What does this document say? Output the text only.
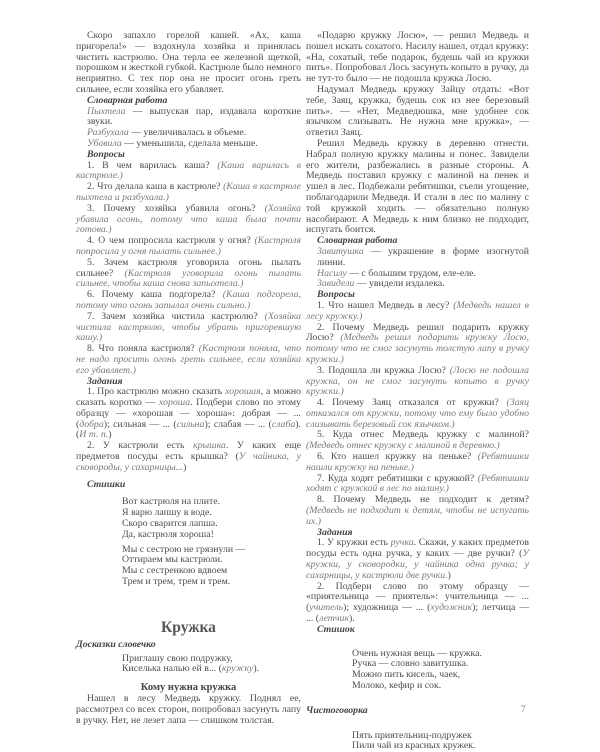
Скоро запахло горелой кашей. «Ах, каша пригорела!» — вздохнула хозяйка и принялась чистить кастрюлю. Она терла ее железной щеткой, порошком и жесткой губкой. Кастрюле было немного неприятно. С тех пор она не просит огонь греть сильнее, если хозяйка его убавляет.
Словарная работа
Пыхтела — выпуская пар, издавала короткие звуки.
Разбухала — увеличивалась в объеме.
Убавила — уменьшила, сделала меньше.
Вопросы
1. В чем варилась каша? (Каша варилась в кастрюле.)
2. Что делала каша в кастрюле? (Каша в кастрюле пыхтела и разбухала.)
3. Почему хозяйка убавила огонь? (Хозяйка убавила огонь, потому что каша была почти готова.)
4. О чем попросила кастрюля у огня? (Кастрюля попросила у огня пылать сильнее.)
5. Зачем кастрюля уговорила огонь пылать сильнее? (Кастрюля уговорила огонь пылать сильнее, чтобы каша снова запыхтела.)
6. Почему каша подгорела? (Каша подгорела, потому что огонь запылал очень сильно.)
7. Зачем хозяйка чистила кастрюлю? (Хозяйка чистила кастрюлю, чтобы убрать пригоревшую кашу.)
8. Что поняла кастрюля? (Кастрюля поняла, что не надо просить огонь греть сильнее, если хозяйка его убавляет.)
Задания
1. Про кастрюлю можно сказать хорошая, а можно сказать коротко — хороша. Подбери слово по этому образцу — «хорошая — хороша»: добрая — ... (добра); сильная — ... (сильна); слабая — ... (слаба). (И т. п.)
2. У кастрюли есть крышка. У каких еще предметов посуды есть крышка? (У чайника, у сковороды, у сахарницы...)
Стишки
Вот кастрюля на плите.
Я варю лапшу в воде.
Скоро сварится лапша.
Да, кастрюля хороша!
Мы с сестрою не грязнули —
Оттираем мы кастрюли.
Мы с сестренкою вдвоем
Трем и трем, трем и трем.
Кружка
Досказки словечко
Приглашу свою подружку,
Киселька налью ей в... (кружку).
Кому нужна кружка
Нашел в лесу Медведь кружку. Поднял ее, рассмотрел со всех сторон, попробовал засунуть лапу в ручку. Нет, не лезет лапа — слишком толстая.
«Подарю кружку Лосю», — решил Медведь и пошел искать сохатого. Насилу нашел, отдал кружку: «На, сохатый, тебе подарок, будешь чай из кружки пить». Попробовал Лось засунуть копыто в ручку, да не тут-то было — не подошла кружка Лосю.
Надумал Медведь кружку Зайцу отдать: «Вот тебе, Заяц, кружка, будешь сок из нее березовый пить». — «Нет, Медведюшка, мне удобнее сок язычком слизывать. Не нужна мне кружка», — ответил Заяц.
Решил Медведь кружку в деревню отнести. Набрал полную кружку малины и понес. Завидели его жители, разбежались в разные стороны. А Медведь поставил кружку с малиной на пенек и ушел в лес. Подбежали ребятишки, съели угощение, поблагодарили Медведя. И стали в лес по малину с той кружкой ходить — обязательно полную насобирают. А Медведь к ним близко не подходит, испугать боится.
Словарная работа
Завитушка — украшение в форме изогнутой линии.
Насилу — с большим трудом, еле-еле.
Завидели — увидели издалека.
Вопросы
1. Что нашел Медведь в лесу? (Медведь нашел в лесу кружку.)
2. Почему Медведь решил подарить кружку Лосю? (Медведь решил подарить кружку Лосю, потому что не смог засунуть толстую лапу в ручку кружки.)
3. Подошла ли кружка Лосю? (Лосю не подошла кружка, он не смог засунуть копыто в ручку кружки.)
4. Почему Заяц отказался от кружки? (Заяц отказался от кружки, потому что ему было удобно слизывать березовый сок язычком.)
5. Куда отнес Медведь кружку с малиной? (Медведь отнес кружку с малиной в деревню.)
6. Кто нашел кружку на пеньке? (Ребятишки нашли кружку на пеньке.)
7. Куда ходят ребятишки с кружкой? (Ребятишки ходят с кружкой в лес по малину.)
8. Почему Медведь не подходит к детям? (Медведь не подходит к детям, чтобы не испугать их.)
Задания
1. У кружки есть ручка. Скажи, у каких предметов посуды есть одна ручка, у каких — две ручки? (У кружки, у сковородки, у чайника одна ручка; у сахарницы, у кастрюли две ручки.)
2. Подбери слово по этому образцу — «приятельница — приятель»: учительница — ... (учитель); художница — ... (художник); летчица — ... (летчик).
Стишок
Очень нужная вещь — кружка.
Ручка — словно завитушка.
Можно пить кисель, чаек,
Молоко, кефир и сок.
Чистоговорка
Пять приятельниц-подружек
Пили чай из красных кружек.
7
